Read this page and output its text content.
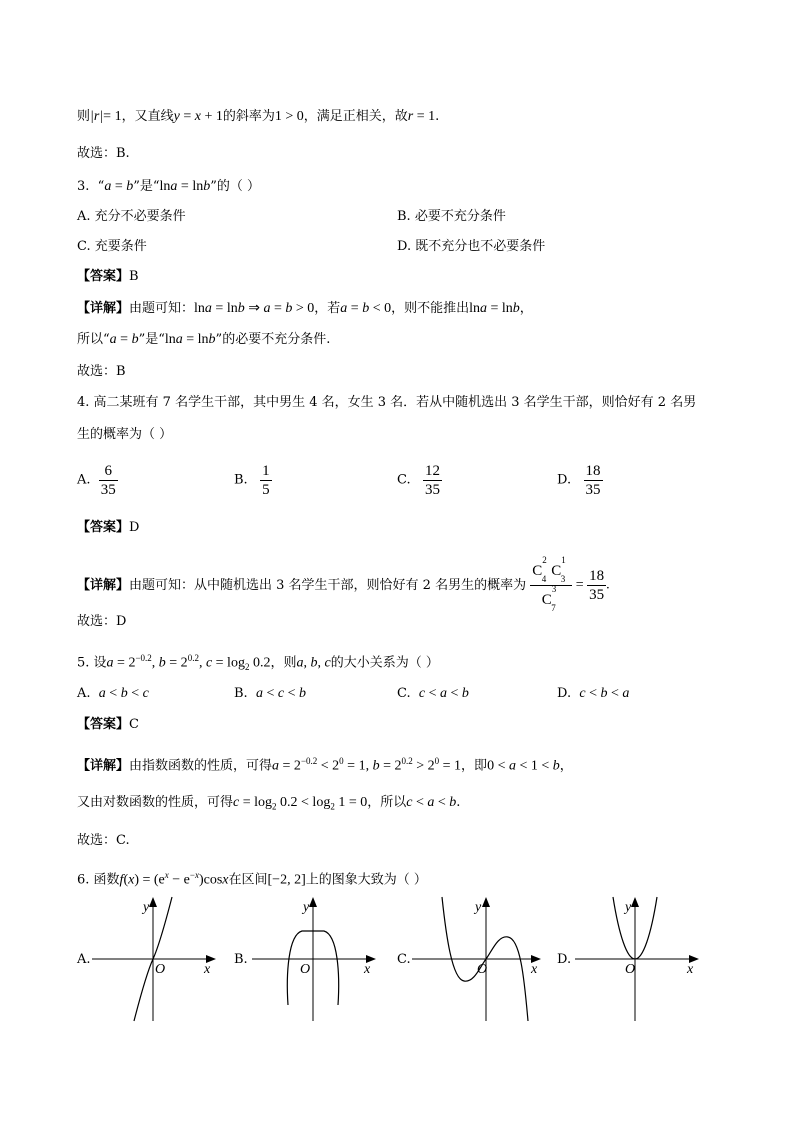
则|r|= 1，又直线y = x + 1的斜率为1 > 0，满足正相关，故r = 1.
故选：B.
3. “a = b”是“lna = lnb”的（ ）
A. 充分不必要条件	B. 必要不充分条件
C. 充要条件	D. 既不充分也不必要条件
【答案】B
【详解】由题可知：lna = lnb ⇒ a = b > 0，若a = b < 0，则不能推出lna = lnb，
所以“a = b”是“lna = lnb”的必要不充分条件.
故选：B
4. 高二某班有 7 名学生干部，其中男生 4 名，女生 3 名．若从中随机选出 3 名学生干部，则恰好有 2 名男
生的概率为（ ）
A. $\frac{6}{35}$	B. $\frac{1}{5}$	C. $\frac{12}{35}$	D. $\frac{18}{35}$
【答案】D
【详解】由题可知：从中随机选出 3 名学生干部，则恰好有 2 名男生的概率为 $\frac{C^2_4 C^1_3}{C^3_7} = \frac{18}{35}$ .
故选：D
5. 设$a = 2^{-0.2}$, $b = 2^{0.2}$, $c = \log_2 0.2$，则a, b, c的大小关系为（ ）
A. a < b < c	B. a < c < b	C. c < a < b	D. c < b < a
【答案】C
【详解】由指数函数的性质，可得$a = 2^{-0.2} < 2^0 = 1$, $b = 2^{0.2} > 2^0 = 1$，即0 < a < 1 < b，
又由对数函数的性质，可得$c = \log_2 0.2 < \log_2 1 = 0$，所以c < a < b.
故选：C.
6. 函数$f(x) = (e^x - e^{-x})\cos x$在区间[−2, 2]上的图象大致为（ ）
A.
y
x
O
B.
y
x
O
C.
y
x
O
D.
y
x
O
